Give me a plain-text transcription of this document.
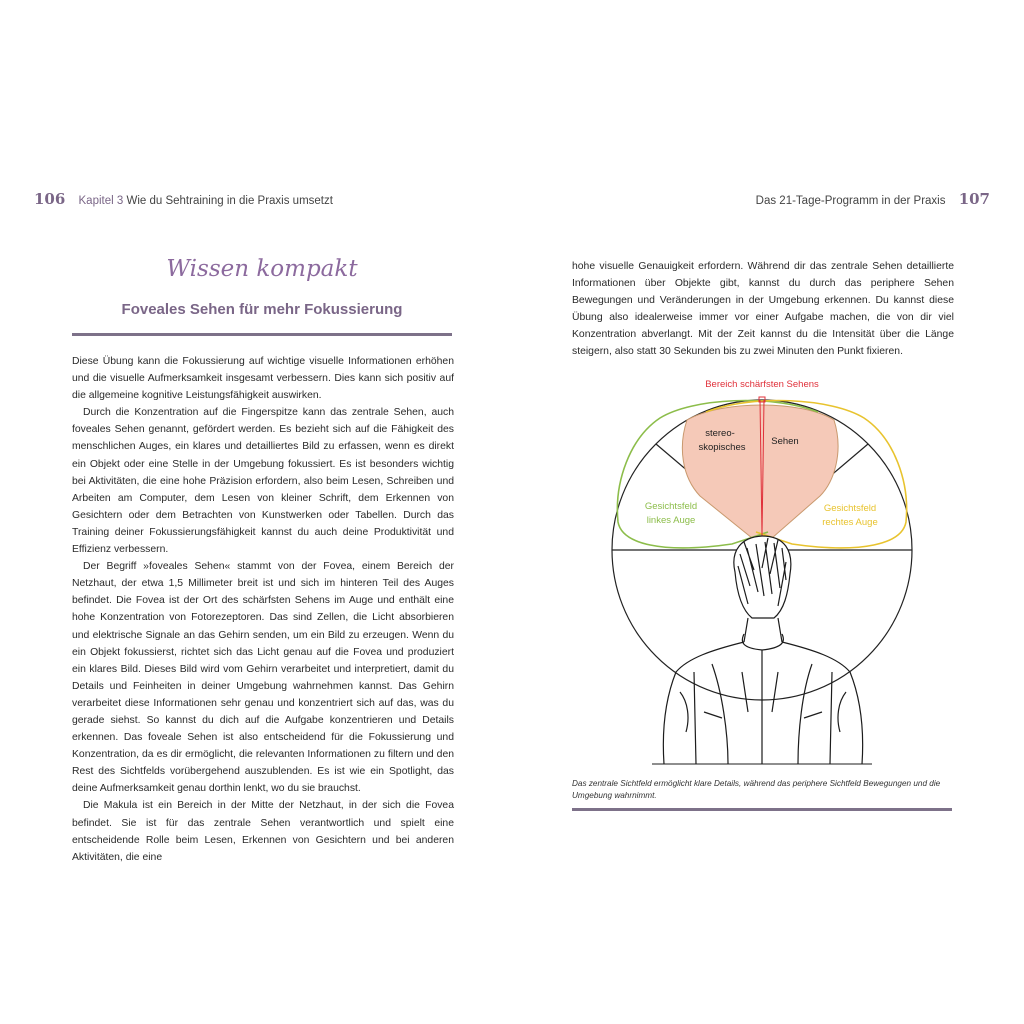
106 Kapitel 3 Wie du Sehtraining in die Praxis umsetzt	Das 21-Tage-Programm in der Praxis 107
Wissen kompakt
Foveales Sehen für mehr Fokussierung

Diese Übung kann die Fokussierung auf wichtige visuelle Informationen erhöhen und die visuelle Aufmerksamkeit insgesamt verbessern. Dies kann sich positiv auf die allgemeine kognitive Leistungsfähigkeit auswirken.

Durch die Konzentration auf die Fingerspitze kann das zentrale Sehen, auch foveales Sehen genannt, gefördert werden. Es bezieht sich auf die Fähigkeit des menschlichen Auges, ein klares und detailliertes Bild zu erfassen, wenn es direkt ein Objekt oder eine Stelle in der Umgebung fokussiert. Es ist besonders wichtig bei Aktivitäten, die eine hohe Präzision erfordern, also beim Lesen, Schreiben und Arbeiten am Computer, dem Lesen von kleiner Schrift, dem Erkennen von Gesichtern oder dem Betrachten von Kunstwerken oder Tabellen. Durch das Training deiner Fokussierungsfähigkeit kannst du auch deine Produktivität und Effizienz verbessern.

Der Begriff »foveales Sehen« stammt von der Fovea, einem Bereich der Netzhaut, der etwa 1,5 Millimeter breit ist und sich im hinteren Teil des Auges befindet. Die Fovea ist der Ort des schärfsten Sehens im Auge und enthält eine hohe Konzentration von Fotorezeptoren. Das sind Zellen, die Licht absorbieren und elektrische Signale an das Gehirn senden, um ein Bild zu erzeugen. Wenn du ein Objekt fokussierst, richtet sich das Licht genau auf die Fovea und produziert ein klares Bild. Dieses Bild wird vom Gehirn verarbeitet und interpretiert, damit du Details und Feinheiten in deiner Umgebung wahrnehmen kannst. Das Gehirn verarbeitet diese Informationen sehr genau und konzentriert sich auf das, was du gerade siehst. So kannst du dich auf die Aufgabe konzentrieren und Details erkennen. Das foveale Sehen ist also entscheidend für die Fokussierung und Konzentration, da es dir ermöglicht, die relevanten Informationen zu filtern und den Rest des Sichtfelds vorübergehend auszublenden. Es ist wie ein Spotlight, das deine Aufmerksamkeit genau dorthin lenkt, wo du sie brauchst.

Die Makula ist ein Bereich in der Mitte der Netzhaut, in der sich die Fovea befindet. Sie ist für das zentrale Sehen verantwortlich und spielt eine entscheidende Rolle beim Lesen, Erkennen von Gesichtern und bei anderen Aktivitäten, die eine

hohe visuelle Genauigkeit erfordern. Während dir das zentrale Sehen detaillierte Informationen über Objekte gibt, kannst du durch das periphere Sehen Bewegungen und Veränderungen in der Umgebung erkennen. Du kannst diese Übung also idealerweise immer vor einer Aufgabe machen, die von dir viel Konzentration abverlangt. Mit der Zeit kannst du die Intensität über die Länge steigern, also statt 30 Sekunden bis zu zwei Minuten den Punkt fixieren.

Bereich schärfsten Sehens
stereo-
skopisches
Sehen
Gesichtsfeld
linkes Auge
Gesichtsfeld
rechtes Auge
Das zentrale Sichtfeld ermöglicht klare Details, während das periphere Sichtfeld Bewegungen und die Umgebung wahrnimmt.
